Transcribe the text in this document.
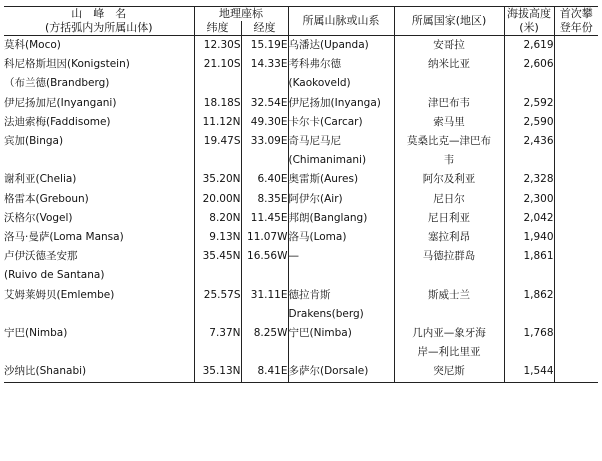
山　峰　名	地理座标		所属山脉或山系	所属国家(地区)	海拔高度	首次攀
(方括弧内为所属山体)	纬度	经度			(米)	登年份
莫科(Moco)	12.30S	15.19E	乌潘达(Upanda)	安哥拉	2,619	
科尼格斯坦因(Konigstein)	21.10S	14.33E	考科弗尔德	纳米比亚	2,606	
（布兰德(Brandberg)			(Kaokoveld)			
伊尼扬加尼(Inyangani)	18.18S	32.54E	伊尼扬加(Inyanga)	津巴布韦	2,592	
法迪索梅(Faddisome)	11.12N	49.30E	卡尔卡(Carcar)	索马里	2,590	
宾加(Binga)	19.47S	33.09E	奇马尼马尼	莫桑比克—津巴布	2,436	
			(Chimanimani)	韦		
谢利亚(Chelia)	35.20N	6.40E	奥雷斯(Aures)	阿尔及利亚	2,328	
格雷本(Greboun)	20.00N	8.35E	阿伊尔(Air)	尼日尔	2,300	
沃格尔(Vogel)	8.20N	11.45E	邦朗(Banglang)	尼日利亚	2,042	
洛马·曼萨(Loma Mansa)	9.13N	11.07W	洛马(Loma)	塞拉利昂	1,940	
卢伊沃德圣安那	35.45N	16.56W	—	马德拉群岛	1,861	
(Ruivo de Santana)						
艾姆莱姆贝(Emlembe)	25.57S	31.11E	德拉肯斯	斯威士兰	1,862	
			Drakens(berg)			
宁巴(Nimba)	7.37N	8.25W	宁巴(Nimba)	几内亚—象牙海	1,768	
				岸—利比里亚		
沙纳比(Shanabi)	35.13N	8.41E	多萨尔(Dorsale)	突尼斯	1,544	
